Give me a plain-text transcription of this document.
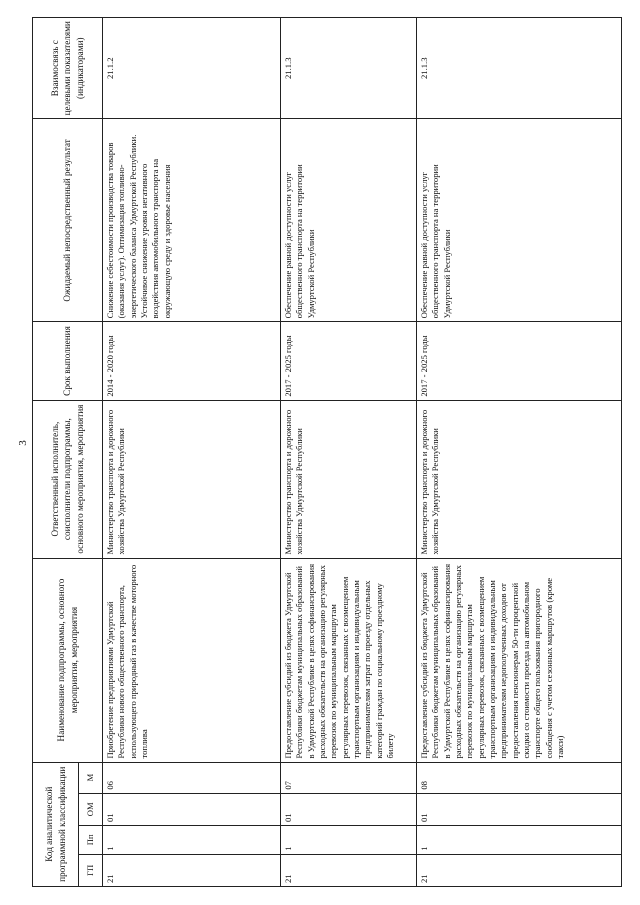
3
Код аналитической программной классификации				Наименование подпрограммы, основного мероприятия, мероприятия	Ответственный исполнитель, соисполнители подпрограммы, основного мероприятия, мероприятия	Срок выполнения	Ожидаемый непосредственный результат	Взаимосвязь с целевыми показателями (индикаторами)
ГП	Пп	ОМ	М					
21	1	01	06	Приобретение предприятиями Удмуртской Республики нового общественного транспорта, использующего природный газ в качестве моторного топлива	Министерство транспорта и дорожного хозяйства Удмуртской Республики	2014 - 2020 годы	Снижение себестоимости производства товаров (оказания услуг). Оптимизация топливно-энергетического баланса Удмуртской Республики. Устойчивое снижение уровня негативного воздействия автомобильного транспорта на окружающую среду и здоровье населения	21.1.2
21	1	01	07	Предоставление субсидий из бюджета Удмуртской Республики бюджетам муниципальных образований в Удмуртской Республике в целях софинансирования расходных обязательств на организацию регулярных перевозок по муниципальным маршрутам регулярных перевозок, связанных с возмещением транспортным организациям и индивидуальным предпринимателям затрат по проезду отдельных категорий граждан по социальному проездному билету	Министерство транспорта и дорожного хозяйства Удмуртской Республики	2017 - 2025 годы	Обеспечение равной доступности услуг общественного транспорта на территории Удмуртской Республики	21.1.3
21	1	01	08	Предоставление субсидий из бюджета Удмуртской Республики бюджетам муниципальных образований в Удмуртской Республике в целях софинансирования расходных обязательств на организацию регулярных перевозок по муниципальным маршрутам регулярных перевозок, связанных с возмещением транспортным организациям и индивидуальным предпринимателям недополученных доходов от предоставления пенсионерам 50-ти процентной скидки со стоимости проезда на автомобильном транспорте общего пользования пригородного сообщения с учетом сезонных маршрутов (кроме такси)	Министерство транспорта и дорожного хозяйства Удмуртской Республики	2017 - 2025 годы	Обеспечение равной доступности услуг общественного транспорта на территории Удмуртской Республики	21.1.3
